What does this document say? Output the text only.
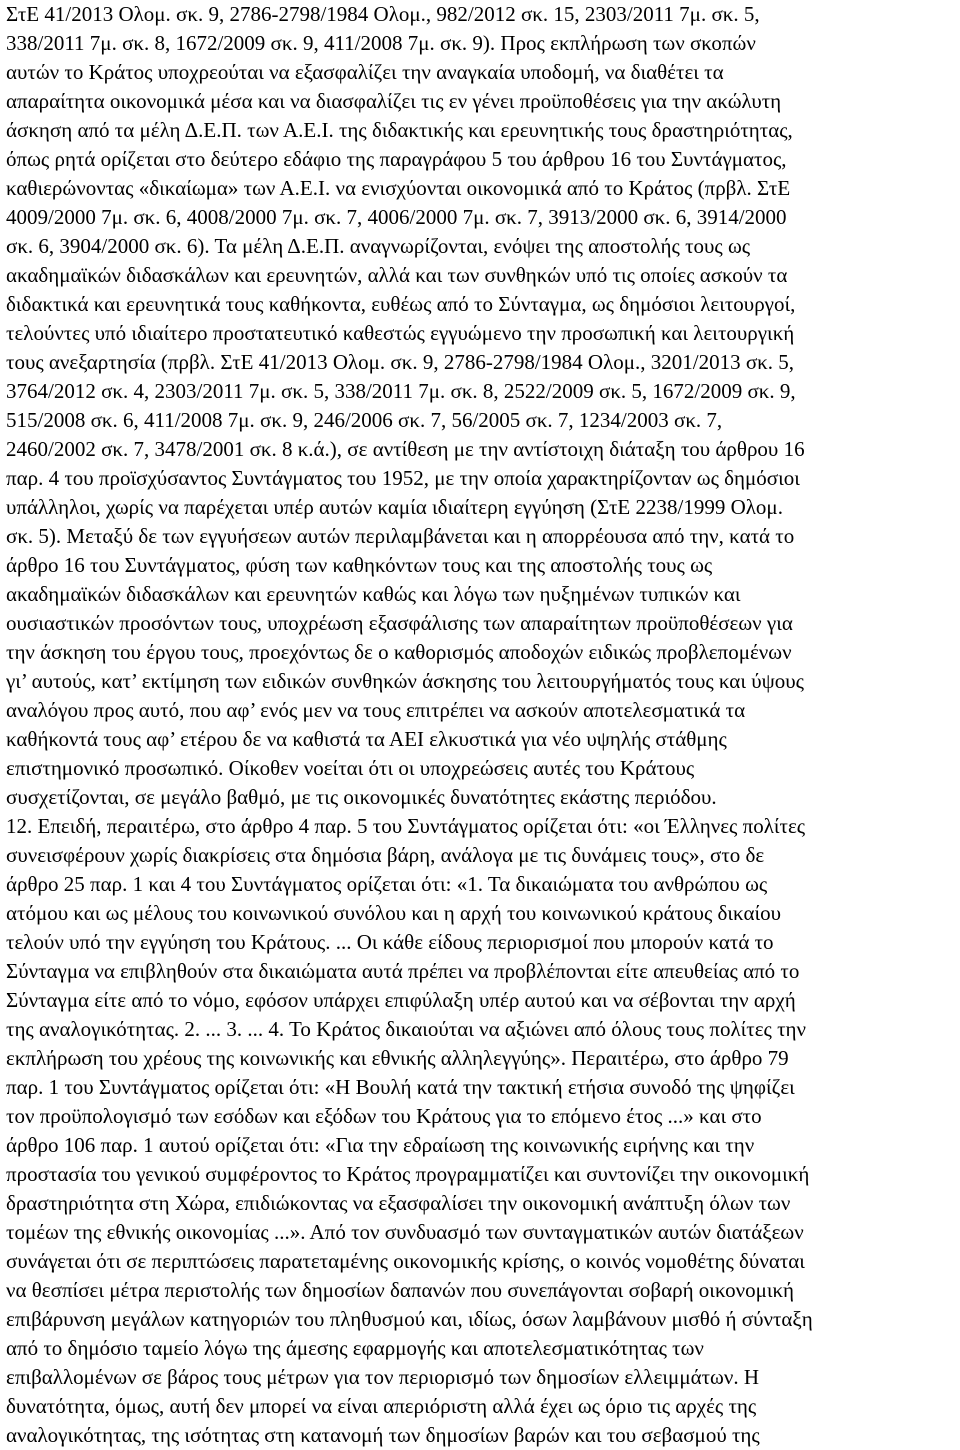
ΣτΕ 41/2013 Ολομ. σκ. 9, 2786-2798/1984 Ολομ., 982/2012 σκ. 15, 2303/2011 7μ. σκ. 5,
338/2011 7μ. σκ. 8, 1672/2009 σκ. 9, 411/2008 7μ. σκ. 9). Προς εκπλήρωση των σκοπών
αυτών το Κράτος υποχρεούται να εξασφαλίζει την αναγκαία υποδομή, να διαθέτει τα
απαραίτητα οικονομικά μέσα και να διασφαλίζει τις εν γένει προϋποθέσεις για την ακώλυτη
άσκηση από τα μέλη Δ.Ε.Π. των Α.Ε.Ι. της διδακτικής και ερευνητικής τους δραστηριότητας,
όπως ρητά ορίζεται στο δεύτερο εδάφιο της παραγράφου 5 του άρθρου 16 του Συντάγματος,
καθιερώνοντας «δικαίωμα» των Α.Ε.Ι. να ενισχύονται οικονομικά από το Κράτος (πρβλ. ΣτΕ
4009/2000 7μ. σκ. 6, 4008/2000 7μ. σκ. 7, 4006/2000 7μ. σκ. 7, 3913/2000 σκ. 6, 3914/2000
σκ. 6, 3904/2000 σκ. 6). Τα μέλη Δ.Ε.Π. αναγνωρίζονται, ενόψει της αποστολής τους ως
ακαδημαϊκών διδασκάλων και ερευνητών, αλλά και των συνθηκών υπό τις οποίες ασκούν τα
διδακτικά και ερευνητικά τους καθήκοντα, ευθέως από το Σύνταγμα, ως δημόσιοι λειτουργοί,
τελούντες υπό ιδιαίτερο προστατευτικό καθεστώς εγγυώμενο την προσωπική και λειτουργική
τους ανεξαρτησία (πρβλ. ΣτΕ 41/2013 Ολομ. σκ. 9, 2786-2798/1984 Ολομ., 3201/2013 σκ. 5,
3764/2012 σκ. 4, 2303/2011 7μ. σκ. 5, 338/2011 7μ. σκ. 8, 2522/2009 σκ. 5, 1672/2009 σκ. 9,
515/2008 σκ. 6, 411/2008 7μ. σκ. 9, 246/2006 σκ. 7, 56/2005 σκ. 7, 1234/2003 σκ. 7,
2460/2002 σκ. 7, 3478/2001 σκ. 8 κ.ά.), σε αντίθεση με την αντίστοιχη διάταξη του άρθρου 16
παρ. 4 του προϊσχύσαντος Συντάγματος του 1952, με την οποία χαρακτηρίζονταν ως δημόσιοι
υπάλληλοι, χωρίς να παρέχεται υπέρ αυτών καμία ιδιαίτερη εγγύηση (ΣτΕ 2238/1999 Ολομ.
σκ. 5). Μεταξύ δε των εγγυήσεων αυτών περιλαμβάνεται και η απορρέουσα από την, κατά το
άρθρο 16 του Συντάγματος, φύση των καθηκόντων τους και της αποστολής τους ως
ακαδημαϊκών διδασκάλων και ερευνητών καθώς και λόγω των ηυξημένων τυπικών και
ουσιαστικών προσόντων τους, υποχρέωση εξασφάλισης των απαραίτητων προϋποθέσεων για
την άσκηση του έργου τους, προεχόντως δε ο καθορισμός αποδοχών ειδικώς προβλεπομένων
γι’ αυτούς, κατ’ εκτίμηση των ειδικών συνθηκών άσκησης του λειτουργήματός τους και ύψους
αναλόγου προς αυτό, που αφ’ ενός μεν να τους επιτρέπει να ασκούν αποτελεσματικά τα
καθήκοντά τους αφ’ ετέρου δε να καθιστά τα ΑΕΙ ελκυστικά για νέο υψηλής στάθμης
επιστημονικό προσωπικό. Οίκοθεν νοείται ότι οι υποχρεώσεις αυτές του Κράτους
συσχετίζονται, σε μεγάλο βαθμό, με τις οικονομικές δυνατότητες εκάστης περιόδου.
12. Επειδή, περαιτέρω, στο άρθρο 4 παρ. 5 του Συντάγματος ορίζεται ότι: «οι Έλληνες πολίτες
συνεισφέρουν χωρίς διακρίσεις στα δημόσια βάρη, ανάλογα με τις δυνάμεις τους», στο δε
άρθρο 25 παρ. 1 και 4 του Συντάγματος ορίζεται ότι: «1. Τα δικαιώματα του ανθρώπου ως
ατόμου και ως μέλους του κοινωνικού συνόλου και η αρχή του κοινωνικού κράτους δικαίου
τελούν υπό την εγγύηση του Κράτους. ... Οι κάθε είδους περιορισμοί που μπορούν κατά το
Σύνταγμα να επιβληθούν στα δικαιώματα αυτά πρέπει να προβλέπονται είτε απευθείας από το
Σύνταγμα είτε από το νόμο, εφόσον υπάρχει επιφύλαξη υπέρ αυτού και να σέβονται την αρχή
της αναλογικότητας. 2. ... 3. ... 4. Το Κράτος δικαιούται να αξιώνει από όλους τους πολίτες την
εκπλήρωση του χρέους της κοινωνικής και εθνικής αλληλεγγύης». Περαιτέρω, στο άρθρο 79
παρ. 1 του Συντάγματος ορίζεται ότι: «Η Βουλή κατά την τακτική ετήσια συνοδό της ψηφίζει
τον προϋπολογισμό των εσόδων και εξόδων του Κράτους για το επόμενο έτος ...» και στο
άρθρο 106 παρ. 1 αυτού ορίζεται ότι: «Για την εδραίωση της κοινωνικής ειρήνης και την
προστασία του γενικού συμφέροντος το Κράτος προγραμματίζει και συντονίζει την οικονομική
δραστηριότητα στη Χώρα, επιδιώκοντας να εξασφαλίσει την οικονομική ανάπτυξη όλων των
τομέων της εθνικής οικονομίας ...». Από τον συνδυασμό των συνταγματικών αυτών διατάξεων
συνάγεται ότι σε περιπτώσεις παρατεταμένης οικονομικής κρίσης, ο κοινός νομοθέτης δύναται
να θεσπίσει μέτρα περιστολής των δημοσίων δαπανών που συνεπάγονται σοβαρή οικονομική
επιβάρυνση μεγάλων κατηγοριών του πληθυσμού και, ιδίως, όσων λαμβάνουν μισθό ή σύνταξη
από το δημόσιο ταμείο λόγω της άμεσης εφαρμογής και αποτελεσματικότητας των
επιβαλλομένων σε βάρος τους μέτρων για τον περιορισμό των δημοσίων ελλειμμάτων. Η
δυνατότητα, όμως, αυτή δεν μπορεί να είναι απεριόριστη αλλά έχει ως όριο τις αρχές της
αναλογικότητας, της ισότητας στη κατανομή των δημοσίων βαρών και του σεβασμού της
